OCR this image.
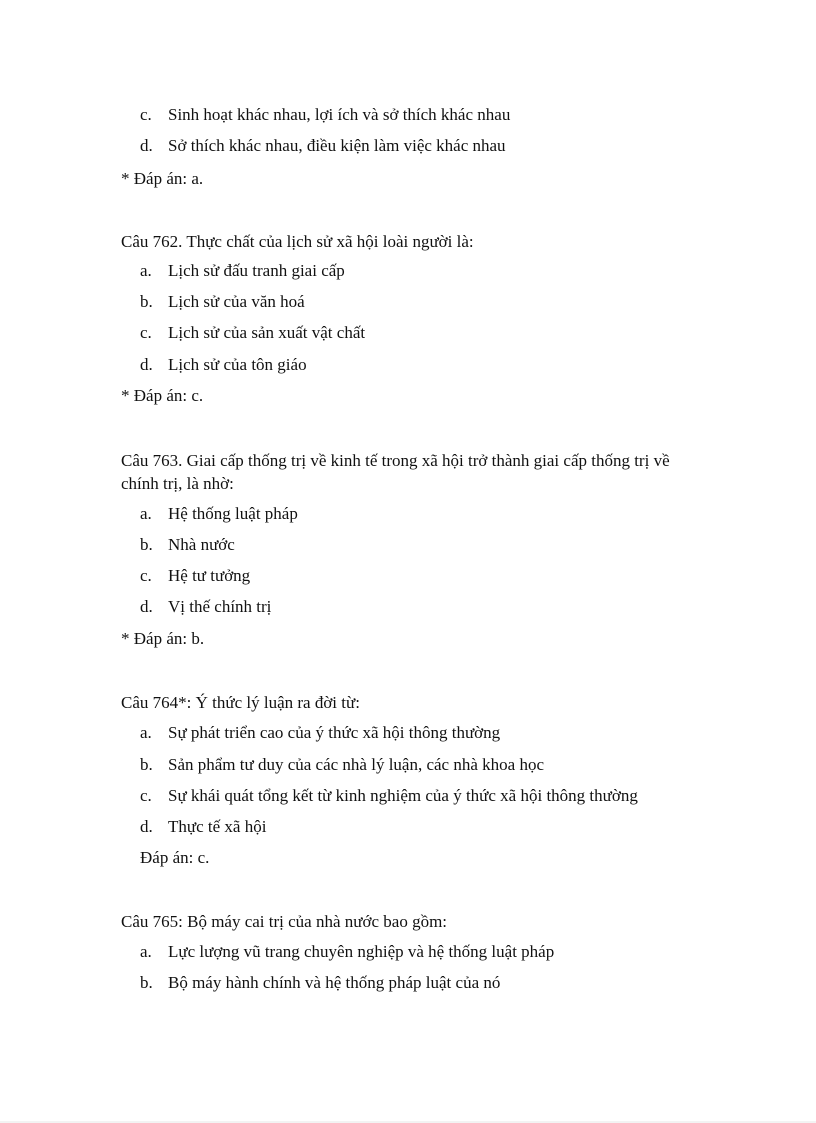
c. Sinh hoạt khác nhau, lợi ích và sở thích khác nhau
d. Sở thích khác nhau, điều kiện làm việc khác nhau
* Đáp án: a.
Câu 762. Thực chất của lịch sử xã hội loài người là:
a. Lịch sử đấu tranh giai cấp
b. Lịch sử của văn hoá
c. Lịch sử của sản xuất vật chất
d. Lịch sử của tôn giáo
* Đáp án: c.
Câu 763. Giai cấp thống trị về kinh tế trong xã hội trở thành giai cấp thống trị về chính trị, là nhờ:
a. Hệ thống luật pháp
b. Nhà nước
c. Hệ tư tưởng
d. Vị thế chính trị
* Đáp án: b.
Câu 764*: Ý thức lý luận ra đời từ:
a. Sự phát triển cao của ý thức xã hội thông thường
b. Sản phẩm tư duy của các nhà lý luận, các nhà khoa học
c. Sự khái quát tổng kết từ kinh nghiệm của ý thức xã hội thông thường
d. Thực tế xã hội
Đáp án: c.
Câu 765: Bộ máy cai trị của nhà nước bao gồm:
a. Lực lượng vũ trang chuyên nghiệp và hệ thống luật pháp
b. Bộ máy hành chính và hệ thống pháp luật của nó
